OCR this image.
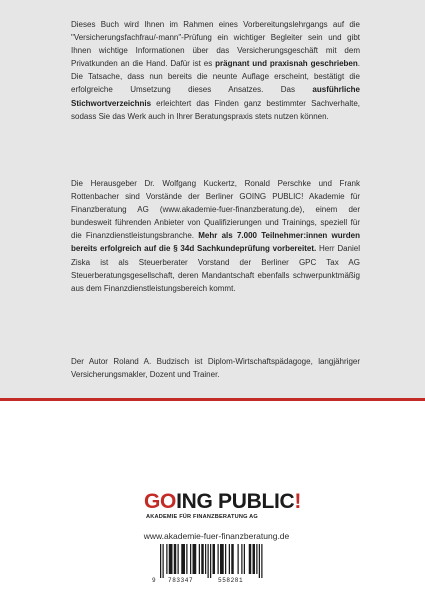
Dieses Buch wird Ihnen im Rahmen eines Vorbereitungslehrgangs auf die "Versicherungsfachfrau/-mann"-Prüfung ein wichtiger Begleiter sein und gibt Ihnen wichtige Informationen über das Versicherungsgeschäft mit dem Privatkunden an die Hand. Dafür ist es prägnant und praxisnah geschrieben. Die Tatsache, dass nun bereits die neunte Auflage erscheint, bestätigt die erfolgreiche Umsetzung dieses Ansatzes. Das ausführliche Stichwortverzeichnis erleichtert das Finden ganz bestimmter Sachverhalte, sodass Sie das Werk auch in Ihrer Beratungspraxis stets nutzen können.

Die Herausgeber Dr. Wolfgang Kuckertz, Ronald Perschke und Frank Rottenbacher sind Vorstände der Berliner GOING PUBLIC! Akademie für Finanzberatung AG (www.akademie-fuer-finanzberatung.de), einem der bundesweit führenden Anbieter von Qualifizierungen und Trainings, speziell für die Finanzdienstleistungsbranche. Mehr als 7.000 Teilnehmer:innen wurden bereits erfolgreich auf die § 34d Sachkundeprüfung vorbereitet. Herr Daniel Ziska ist als Steuerberater Vorstand der Berliner GPC Tax AG Steuerberatungsgesellschaft, deren Mandantschaft ebenfalls schwerpunktmäßig aus dem Finanzdienstleistungsbereich kommt.

Der Autor Roland A. Budzisch ist Diplom-Wirtschaftspädagoge, langjähriger Versicherungsmakler, Dozent und Trainer.

GOING PUBLIC!
AKADEMIE FÜR FINANZBERATUNG AG
www.akademie-fuer-finanzberatung.de
9 783347	558281
